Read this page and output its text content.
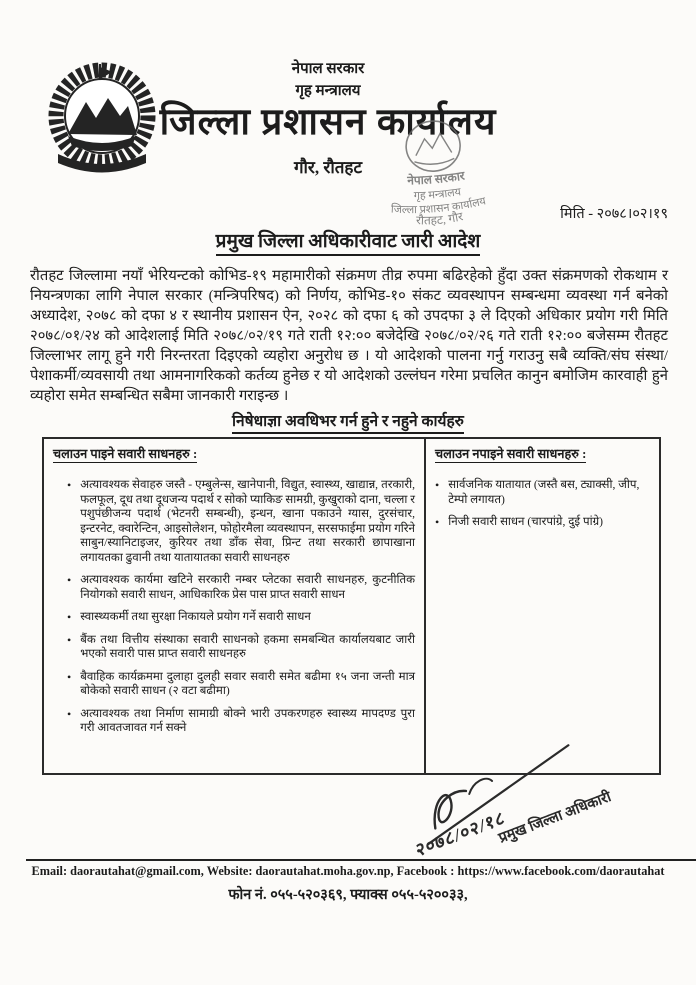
नेपाल सरकार
गृह मन्त्रालय
जिल्ला प्रशासन कार्यालय
गौर, रौतहट
नेपाल सरकार
गृह मन्त्रालय
जिल्ला प्रशासन कार्यालय
रौतहट, गौर	मिति - २०७८।०२।१९
प्रमुख जिल्ला अधिकारीवाट जारी आदेश
रौतहट जिल्लामा नयाँ भेरियन्टको कोभिड-१९ महामारीको संक्रमण तीव्र रुपमा बढिरहेको हुँदा उक्त संक्रमणको रोकथाम र नियन्त्रणका लागि नेपाल सरकार (मन्त्रिपरिषद) को निर्णय, कोभिड-१० संकट व्यवस्थापन सम्बन्धमा व्यवस्था गर्न बनेको अध्यादेश, २०७८ को दफा ४ र स्थानीय प्रशासन ऐन, २०२८ को दफा ६ को उपदफा ३ ले दिएको अधिकार प्रयोग गरी मिति २०७८/०१/२४ को आदेशलाई मिति २०७८/०२/१९ गते राती १२:०० बजेदेखि २०७८/०२/२६ गते राती १२:०० बजेसम्म रौतहट जिल्लाभर लागू हुने गरी निरन्तरता दिइएको व्यहोरा अनुरोध छ । यो आदेशको पालना गर्नु गराउनु सबै व्यक्ति/संघ संस्था/पेशाकर्मी/व्यवसायी तथा आमनागरिकको कर्तव्य हुनेछ र यो आदेशको उल्लंघन गरेमा प्रचलित कानुन बमोजिम कारवाही हुने व्यहोरा समेत सम्बन्धित सबैमा जानकारी गराइन्छ ।
निषेधाज्ञा अवधिभर गर्न हुने र नहुने कार्यहरु
चलाउन पाइने सवारी साधनहरु :
• अत्यावश्यक सेवाहरु जस्तै - एम्बुलेन्स, खानेपानी, विद्युत, स्वास्थ्य, खाद्यान्न, तरकारी, फलफूल, दूध तथा दूधजन्य पदार्थ र सोको प्याकिङ सामग्री, कुखुराको दाना, चल्ला र पशुपंछीजन्य पदार्थ (भेटनरी सम्बन्धी), इन्धन, खाना पकाउने ग्यास, दुरसंचार, इन्टरनेट, क्वारेन्टिन, आइसोलेशन, फोहोरमैला व्यवस्थापन, सरसफाईमा प्रयोग गरिने साबुन/स्यानिटाइजर, कुरियर तथा डाँक सेवा, प्रिन्ट तथा सरकारी छापाखाना लगायतका ढुवानी तथा यातायातका सवारी साधनहरु
• अत्यावश्यक कार्यमा खटिने सरकारी नम्बर प्लेटका सवारी साधनहरु, कुटनीतिक नियोगको सवारी साधन, आधिकारिक प्रेस पास प्राप्त सवारी साधन
• स्वास्थ्यकर्मी तथा सुरक्षा निकायले प्रयोग गर्ने सवारी साधन
• बैंक तथा वित्तीय संस्थाका सवारी साधनको हकमा समबन्धित कार्यालयबाट जारी भएको सवारी पास प्राप्त सवारी साधनहरु
• बैवाहिक कार्यक्रममा दुलाहा दुलही सवार सवारी समेत बढीमा १५ जना जन्ती मात्र बोकेको सवारी साधन (२ वटा बढीमा)
• अत्यावश्यक तथा निर्माण सामाग्री बोक्ने भारी उपकरणहरु स्वास्थ्य मापदण्ड पुरा गरी आवतजावत गर्न सक्ने
चलाउन नपाइने सवारी साधनहरु :
• सार्वजनिक यातायात (जस्तै बस, ट्याक्सी, जीप, टेम्पो लगायत)
• निजी सवारी साधन (चारपांग्रे, दुई पांग्रे)
२०७८/०२/१८
प्रमुख जिल्ला अधिकारी
Email: daorautahat@gmail.com, Website: daorautahat.moha.gov.np, Facebook : https://www.facebook.com/daorautahat
फोन नं. ०५५-५२०३६९, फ्याक्स ०५५-५२००३३,
